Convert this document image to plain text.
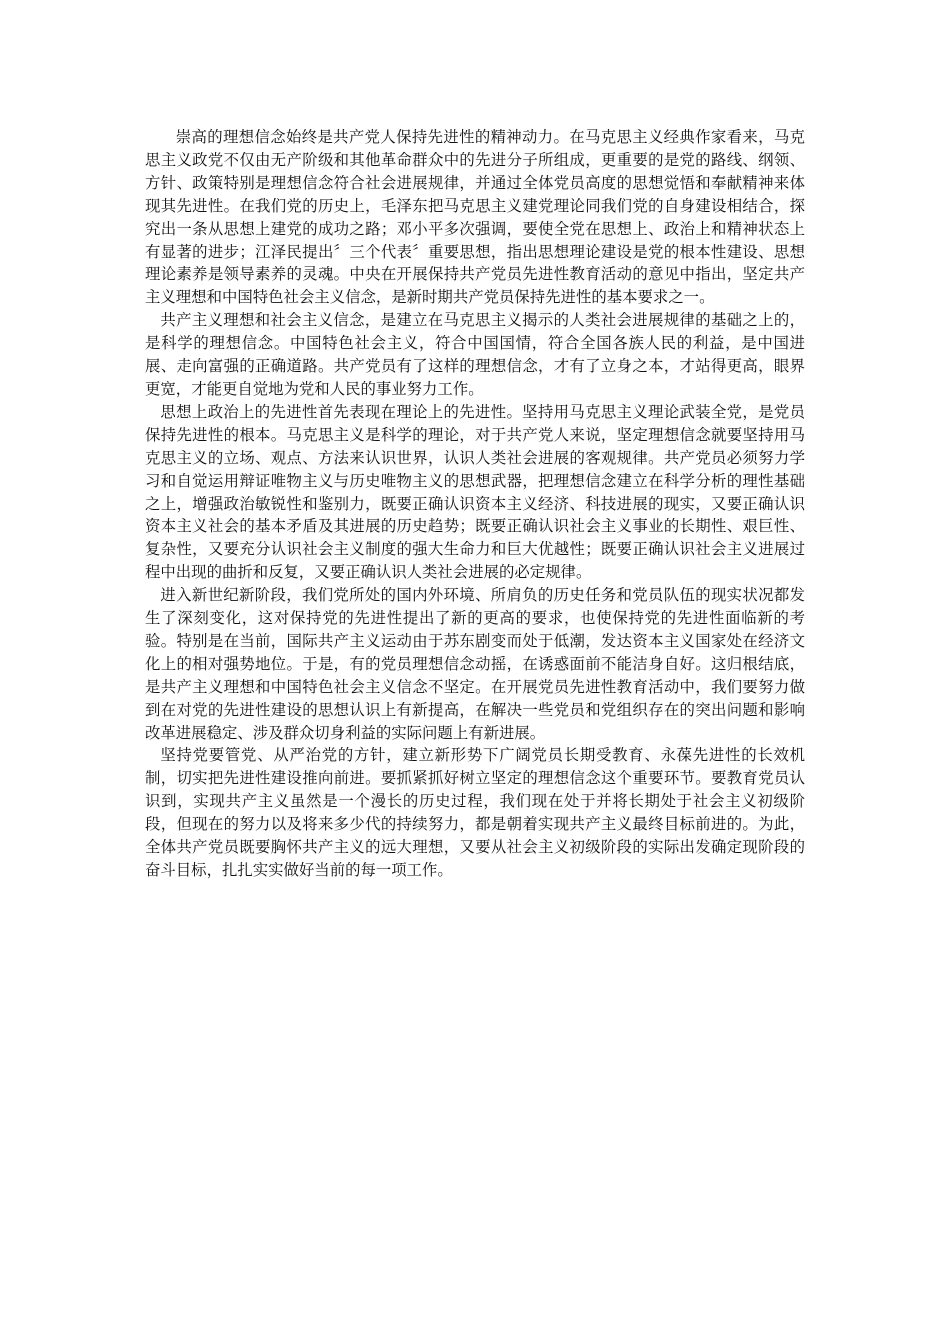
崇高的理想信念始终是共产党人保持先进性的精神动力。在马克思主义经典作家看来，马克思主义政党不仅由无产阶级和其他革命群众中的先进分子所组成，更重要的是党的路线、纲领、方针、政策特别是理想信念符合社会进展规律，并通过全体党员高度的思想觉悟和奉献精神来体现其先进性。在我们党的历史上，毛泽东把马克思主义建党理论同我们党的自身建设相结合，探究出一条从思想上建党的成功之路；邓小平多次强调，要使全党在思想上、政治上和精神状态上有显著的进步；江泽民提出〞三个代表〞重要思想，指出思想理论建设是党的根本性建设、思想理论素养是领导素养的灵魂。中央在开展保持共产党员先进性教育活动的意见中指出，坚定共产主义理想和中国特色社会主义信念，是新时期共产党员保持先进性的基本要求之一。

共产主义理想和社会主义信念，是建立在马克思主义揭示的人类社会进展规律的基础之上的，是科学的理想信念。中国特色社会主义，符合中国国情，符合全国各族人民的利益，是中国进展、走向富强的正确道路。共产党员有了这样的理想信念，才有了立身之本，才站得更高，眼界更宽，才能更自觉地为党和人民的事业努力工作。

思想上政治上的先进性首先表现在理论上的先进性。坚持用马克思主义理论武装全党，是党员保持先进性的根本。马克思主义是科学的理论，对于共产党人来说，坚定理想信念就要坚持用马克思主义的立场、观点、方法来认识世界，认识人类社会进展的客观规律。共产党员必须努力学习和自觉运用辩证唯物主义与历史唯物主义的思想武器，把理想信念建立在科学分析的理性基础之上，增强政治敏锐性和鉴别力，既要正确认识资本主义经济、科技进展的现实，又要正确认识资本主义社会的基本矛盾及其进展的历史趋势；既要正确认识社会主义事业的长期性、艰巨性、复杂性，又要充分认识社会主义制度的强大生命力和巨大优越性；既要正确认识社会主义进展过程中出现的曲折和反复，又要正确认识人类社会进展的必定规律。

进入新世纪新阶段，我们党所处的国内外环境、所肩负的历史任务和党员队伍的现实状况都发生了深刻变化，这对保持党的先进性提出了新的更高的要求，也使保持党的先进性面临新的考验。特别是在当前，国际共产主义运动由于苏东剧变而处于低潮，发达资本主义国家处在经济文化上的相对强势地位。于是，有的党员理想信念动摇，在诱惑面前不能洁身自好。这归根结底，是共产主义理想和中国特色社会主义信念不坚定。在开展党员先进性教育活动中，我们要努力做到在对党的先进性建设的思想认识上有新提高，在解决一些党员和党组织存在的突出问题和影响改革进展稳定、涉及群众切身利益的实际问题上有新进展。

坚持党要管党、从严治党的方针，建立新形势下广阔党员长期受教育、永葆先进性的长效机制，切实把先进性建设推向前进。要抓紧抓好树立坚定的理想信念这个重要环节。要教育党员认识到，实现共产主义虽然是一个漫长的历史过程，我们现在处于并将长期处于社会主义初级阶段，但现在的努力以及将来多少代的持续努力，都是朝着实现共产主义最终目标前进的。为此，全体共产党员既要胸怀共产主义的远大理想，又要从社会主义初级阶段的实际出发确定现阶段的奋斗目标，扎扎实实做好当前的每一项工作。
